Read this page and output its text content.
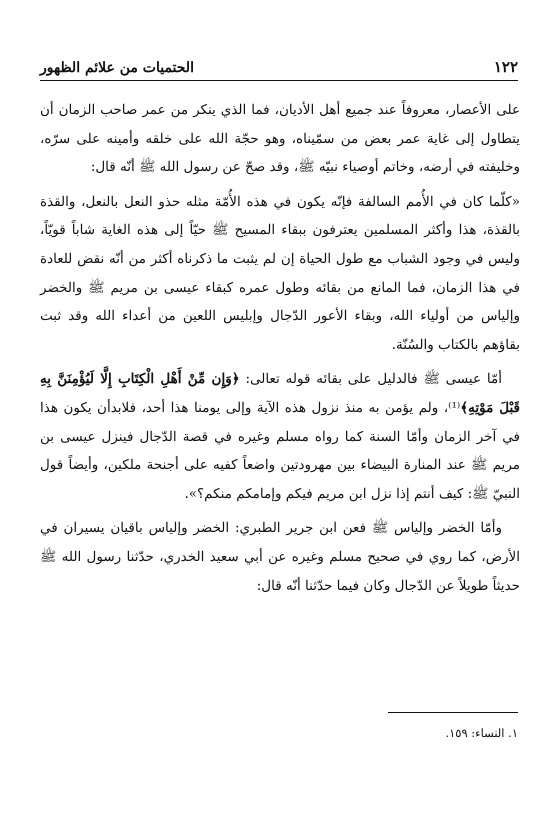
١٢٢
الحتميات من علائم الظهور

على الأعصار، معروفاً عند جميع أهل الأديان، فما الذي ينكر من عمر صاحب الزمان أن يتطاول إلى غاية عمر بعض من سمّيناه، وهو حجّة الله على خلقه وأمينه على سرّه، وخليفته في أرضه، وخاتم أوصياء نبيّه ﷺ، وقد صحّ عن رسول الله ﷺ أنّه قال:

«كلّما كان في الأُمم السالفة فإنّه يكون في هذه الأُمّة مثله حذو النعل بالنعل، والقذة بالقذة، هذا وأكثر المسلمين يعترفون ببقاء المسيح ﷺ حيّاً إلى هذه الغاية شاباً قويّاً، وليس في وجود الشباب مع طول الحياة إن لم يثبت ما ذكرناه أكثر من أنّه نقض للعادة في هذا الزمان، فما المانع من بقائه وطول عمره كبقاء عيسى بن مريم ﷺ والخضر وإلياس من أولياء الله، وبقاء الأعور الدّجال وإبليس اللعين من أعداء الله وقد ثبت بقاؤهم بالكتاب والسُنّة.

أمّا عيسى ﷺ فالدليل على بقائه قوله تعالى: ﴿وَإِن مِّنْ أَهْلِ الْكِتَابِ إِلَّا لَيُؤْمِنَنَّ بِهِ قَبْلَ مَوْتِهِ﴾⁽¹⁾، ولم يؤمن به منذ نزول هذه الآية وإلى يومنا هذا أحد، فلابدأن يكون هذا في آخر الزمان وأمّا السنة كما رواه مسلم وغيره في قصة الدّجال فينزل عيسى بن مريم ﷺ عند المنارة البيضاء بين مهرودتين واضعاً كفيه على أجنحة ملكين، وأيضاً قول النبيّ ﷺ: كيف أنتم إذا نزل ابن مريم فيكم وإمامكم منكم؟».

وأمّا الخضر وإلياس ﷺ فعن ابن جرير الطبري: الخضر وإلياس باقيان يسيران في الأرض، كما روي في صحيح مسلم وغيره عن أبي سعيد الخدري، حدّثنا رسول الله ﷺ حديثاً طويلاً عن الدّجال وكان فيما حدّثنا أنّه قال:

١. النساء: ١٥٩.
